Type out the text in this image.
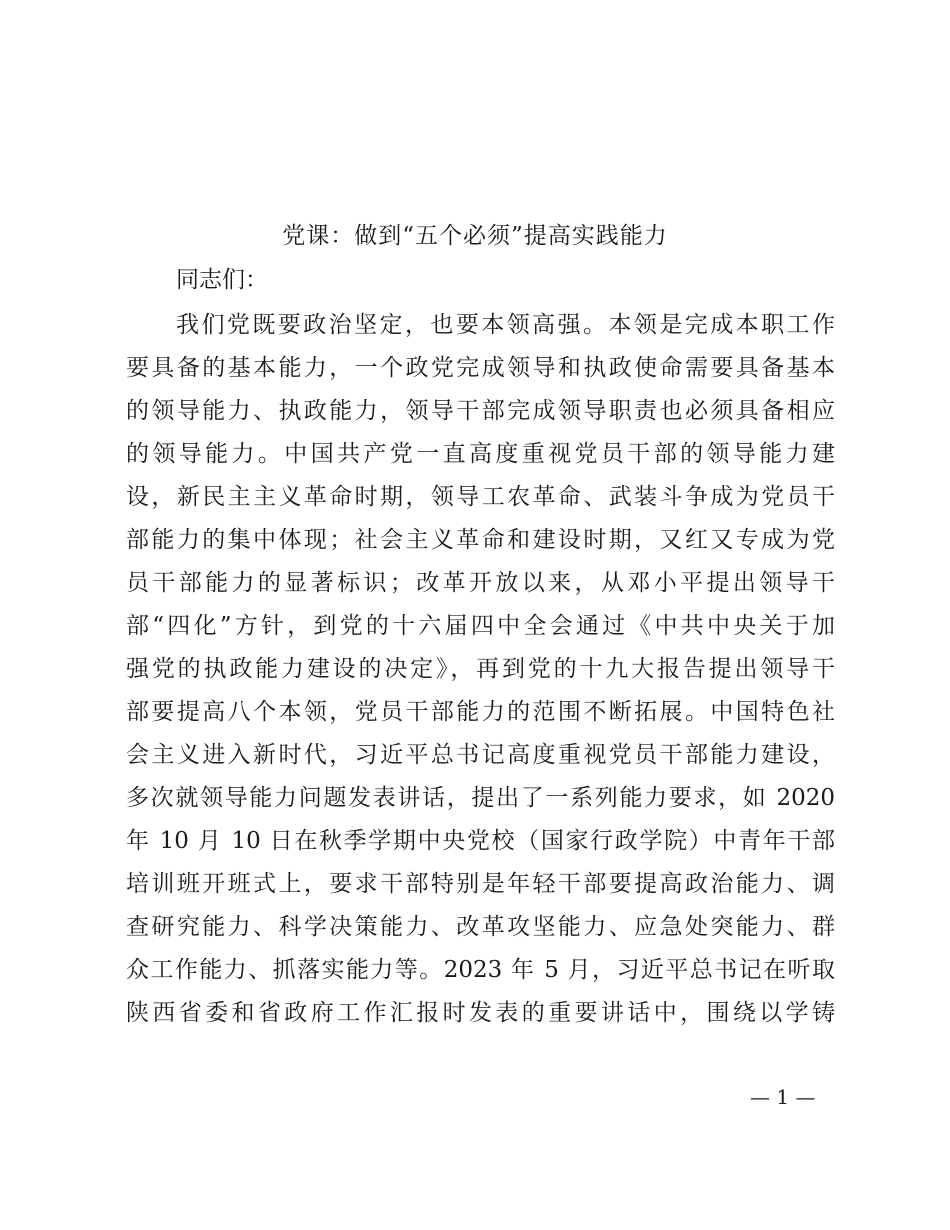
党课：做到“五个必须”提高实践能力
同志们：
我们党既要政治坚定，也要本领高强。本领是完成本职工作
要具备的基本能力，一个政党完成领导和执政使命需要具备基本
的领导能力、执政能力，领导干部完成领导职责也必须具备相应
的领导能力。中国共产党一直高度重视党员干部的领导能力建
设，新民主主义革命时期，领导工农革命、武装斗争成为党员干
部能力的集中体现；社会主义革命和建设时期，又红又专成为党
员干部能力的显著标识；改革开放以来，从邓小平提出领导干
部“四化”方针，到党的十六届四中全会通过《中共中央关于加
强党的执政能力建设的决定》，再到党的十九大报告提出领导干
部要提高八个本领，党员干部能力的范围不断拓展。中国特色社
会主义进入新时代，习近平总书记高度重视党员干部能力建设，
多次就领导能力问题发表讲话，提出了一系列能力要求，如 2020
年 10 月 10 日在秋季学期中央党校（国家行政学院）中青年干部
培训班开班式上，要求干部特别是年轻干部要提高政治能力、调
查研究能力、科学决策能力、改革攻坚能力、应急处突能力、群
众工作能力、抓落实能力等。2023 年 5 月，习近平总书记在听取
陕西省委和省政府工作汇报时发表的重要讲话中，围绕以学铸
— 1 —
